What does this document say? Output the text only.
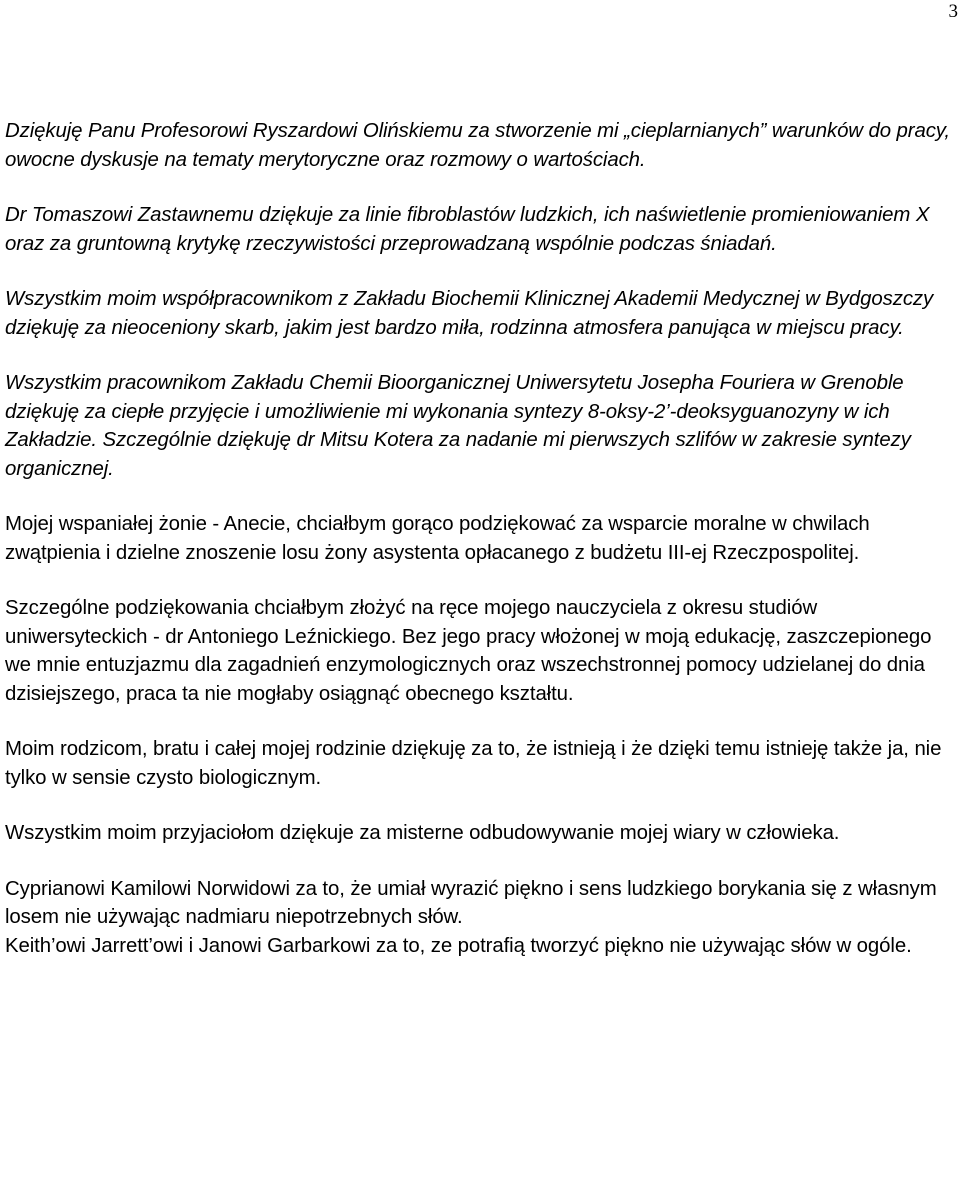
3

Dziękuję Panu Profesorowi Ryszardowi Olińskiemu za stworzenie mi „cieplarnianych” warunków do pracy, owocne dyskusje na tematy merytoryczne oraz rozmowy o wartościach.

Dr Tomaszowi Zastawnemu dziękuje za linie fibroblastów ludzkich, ich naświetlenie promieniowaniem X oraz za gruntowną krytykę rzeczywistości przeprowadzaną wspólnie podczas śniadań.

Wszystkim moim współpracownikom z Zakładu Biochemii Klinicznej Akademii Medycznej w Bydgoszczy dziękuję za nieoceniony skarb, jakim jest bardzo miła, rodzinna atmosfera panująca w miejscu pracy.

Wszystkim pracownikom Zakładu Chemii Bioorganicznej Uniwersytetu Josepha Fouriera w Grenoble dziękuję za ciepłe przyjęcie i umożliwienie mi wykonania syntezy 8-oksy-2’-deoksyguanozyny w ich Zakładzie. Szczególnie dziękuję dr Mitsu Kotera za nadanie mi pierwszych szlifów w zakresie syntezy organicznej.

Mojej wspaniałej żonie - Anecie, chciałbym gorąco podziękować za wsparcie moralne w chwilach zwątpienia i dzielne znoszenie losu żony asystenta opłacanego z budżetu III-ej Rzeczpospolitej.

Szczególne podziękowania chciałbym złożyć na ręce mojego nauczyciela z okresu studiów uniwersyteckich - dr Antoniego Leźnickiego. Bez jego pracy włożonej w moją edukację, zaszczepionego we mnie entuzjazmu dla zagadnień enzymologicznych oraz wszechstronnej pomocy udzielanej do dnia dzisiejszego, praca ta nie mogłaby osiągnąć obecnego kształtu.

Moim rodzicom, bratu i całej mojej rodzinie dziękuję za to, że istnieją i że dzięki temu istnieję także ja, nie tylko w sensie czysto biologicznym.

Wszystkim moim przyjaciołom dziękuje za misterne odbudowywanie mojej wiary w człowieka.

Cyprianowi Kamilowi Norwidowi za to, że umiał wyrazić piękno i sens ludzkiego borykania się z własnym losem nie używając nadmiaru niepotrzebnych słów.

Keith’owi Jarrett’owi i Janowi Garbarkowi za to, ze potrafią tworzyć piękno nie używając słów w ogóle.
